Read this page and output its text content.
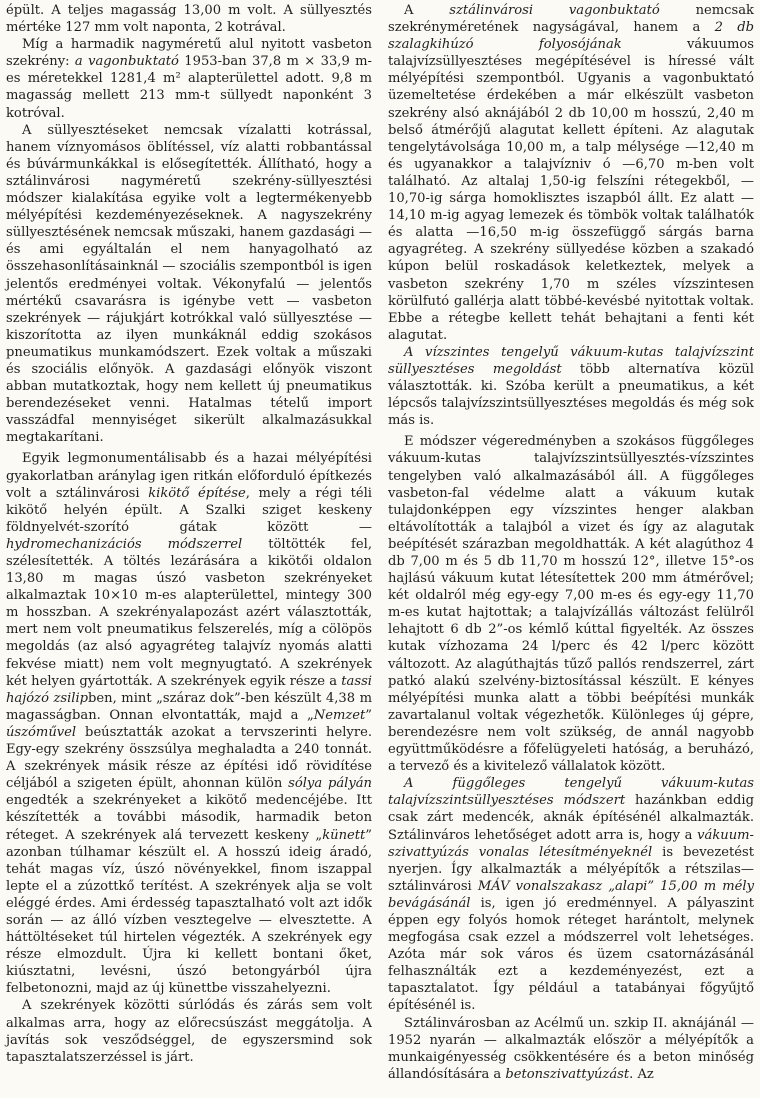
épült. A teljes magasság 13,00 m volt. A süllyesztés mértéke 127 mm volt naponta, 2 kotrával.

Míg a harmadik nagyméretű alul nyitott vasbeton szekrény: a vagonbuktató 1953-ban 37,8 m × 33,9 m-es méretekkel 1281,4 m² alapterülettel adott. 9,8 m magasság mellett 213 mm-t süllyedt naponként 3 kotróval.

A süllyesztéseket nemcsak vízalatti kotrással, hanem víznyomásos öblítéssel, víz alatti robbantással és búvármunkákkal is elősegítették. Állítható, hogy a sztálinvárosi nagyméretű szekrény-süllyesztési módszer kialakítása egyike volt a legtermékenyebb mélyépítési kezdeményezéseknek. A nagyszekrény süllyesztésének nemcsak műszaki, hanem gazdasági — és ami egyáltalán el nem hanyagolható az összehasonlításainknál — szociális szempontból is igen jelentős eredményei voltak. Vékonyfalú — jelentős mértékű csavarásra is igénybe vett — vasbeton szekrények — rájukjárt kotrókkal való süllyesztése — kiszorította az ilyen munkáknál eddig szokásos pneumatikus munkamódszert. Ezek voltak a műszaki és szociális előnyök. A gazdasági előnyök viszont abban mutatkoztak, hogy nem kellett új pneumatikus berendezéseket venni. Hatalmas tételű import vasszádfal mennyiséget sikerült alkalmazásukkal megtakarítani.

Egyik legmonumentálisabb és a hazai mélyépítési gyakorlatban aránylag igen ritkán előforduló építkezés volt a sztálinvárosi kikötő építése, mely a régi téli kikötő helyén épült. A Szalki sziget keskeny földnyelvét-szorító gátak között — hydromechanizációs módszerrel töltötték fel, szélesítették. A töltés lezárására a kikötői oldalon 13,80 m magas úszó vasbeton szekrényeket alkalmaztak 10×10 m-es alapterülettel, mintegy 300 m hosszban. A szekrényalapozást azért választották, mert nem volt pneumatikus felszerelés, míg a cölöpös megoldás (az alsó agyagréteg talajvíz nyomás alatti fekvése miatt) nem volt megnyugtató. A szekrények két helyen gyártották. A szekrények egyik része a tassi hajózó zsilipben, mint „száraz dok”-ben készült 4,38 m magasságban. Onnan elvontatták, majd a „Nemzet” úszóművel beúsztatták azokat a tervszerinti helyre. Egy-egy szekrény összsúlya meghaladta a 240 tonnát. A szekrények másik része az építési idő rövidítése céljából a szigeten épült, ahonnan külön sólya pályán engedték a szekrényeket a kikötő medencéjébe. Itt készítették a további második, harmadik beton réteget. A szekrények alá tervezett keskeny „künett” azonban túlhamar készült el. A hosszú ideig áradó, tehát magas víz, úszó növényekkel, finom iszappal lepte el a zúzottkő terítést. A szekrények alja se volt eléggé érdes. Ami érdesség tapasztalható volt azt idők során — az álló vízben vesztegelve — elvesztette. A háttöltéseket túl hirtelen végezték. A szekrények egy része elmozdult. Újra ki kellett bontani őket, kiúsztatni, levésni, úszó betongyárból újra felbetonozni, majd az új künettbe visszahelyezni.

A szekrények közötti súrlódás és zárás sem volt alkalmas arra, hogy az előrecsúszást meggátolja. A javítás sok vesződséggel, de egyszersmind sok tapasztalatszerzéssel is járt.

A sztálinvárosi vagonbuktató nemcsak szekrényméretének nagyságával, hanem a 2 db szalagkihúzó folyosójának vákuumos talajvízsüllyesztéses megépítésével is híressé vált mélyépítési szempontból. Ugyanis a vagonbuktató üzemeltetése érdekében a már elkészült vasbeton szekrény alsó aknájából 2 db 10,00 m hosszú, 2,40 m belső átmérőjű alagutat kellett építeni. Az alagutak tengelytávolsága 10,00 m, a talp mélysége —12,40 m és ugyanakkor a talajvízniv ó —6,70 m-ben volt található. Az altalaj 1,50-ig felszíni rétegekből, —10,70-ig sárga homoklisztes iszapból állt. Ez alatt —14,10 m-ig agyag lemezek és tömbök voltak találhatók és alatta —16,50 m-ig összefüggő sárgás barna agyagréteg. A szekrény süllyedése közben a szakadó kúpon belül roskadások keletkeztek, melyek a vasbeton szekrény 1,70 m széles vízszintesen körülfutó gallérja alatt többé-kevésbé nyitottak voltak. Ebbe a rétegbe kellett tehát behajtani a fenti két alagutat.

A vízszintes tengelyű vákuum-kutas talajvízszint süllyesztéses megoldást több alternatíva közül választották. ki. Szóba került a pneumatikus, a két lépcsős talajvízszintsüllyesztéses megoldás és még sok más is.

E módszer végeredményben a szokásos függőleges vákuum-kutas talajvízszintsüllyesztés-vízszintes tengelyben való alkalmazásából áll. A függőleges vasbeton-fal védelme alatt a vákuum kutak tulajdonképpen egy vízszintes henger alakban eltávolították a talajból a vizet és így az alagutak beépítését szárazban megoldhatták. A két alagúthoz 4 db 7,00 m és 5 db 11,70 m hosszú 12°, illetve 15°-os hajlású vákuum kutat létesítettek 200 mm átmérővel; két oldalról még egy-egy 7,00 m-es és egy-egy 11,70 m-es kutat hajtottak; a talajvízállás változást felülről lehajtott 6 db 2”-os kémlő kúttal figyelték. Az összes kutak vízhozama 24 l/perc és 42 l/perc között változott. Az alagúthajtás tűző pallós rendszerrel, zárt patkó alakú szelvény-biztosítással készült. E kényes mélyépítési munka alatt a többi beépítési munkák zavartalanul voltak végezhetők. Különleges új gépre, berendezésre nem volt szükség, de annál nagyobb együttműködésre a főfelügyeleti hatóság, a beruházó, a tervező és a kivitelező vállalatok között.

A függőleges tengelyű vákuum-kutas talajvízszintsüllyesztéses módszert hazánkban eddig csak zárt medencék, aknák építésénél alkalmazták. Sztálinváros lehetőséget adott arra is, hogy a vákuum-szivattyúzás vonalas létesítményeknél is bevezetést nyerjen. Így alkalmazták a mélyépítők a rétszilas—sztálinvárosi MÁV vonalszakasz „alapi” 15,00 m mély bevágásánál is, igen jó eredménnyel. A pályaszint éppen egy folyós homok réteget harántolt, melynek megfogása csak ezzel a módszerrel volt lehetséges. Azóta már sok város és üzem csatornázásánál felhasználták ezt a kezdeményezést, ezt a tapasztalatot. Így például a tatabányai főgyűjtő építésénél is.

Sztálinvárosban az Acélmű un. szkip II. aknájánál — 1952 nyarán — alkalmazták először a mélyépítők a munkaigényesség csökkentésére és a beton minőség állandósítására a betonszivattyúzást. Az
